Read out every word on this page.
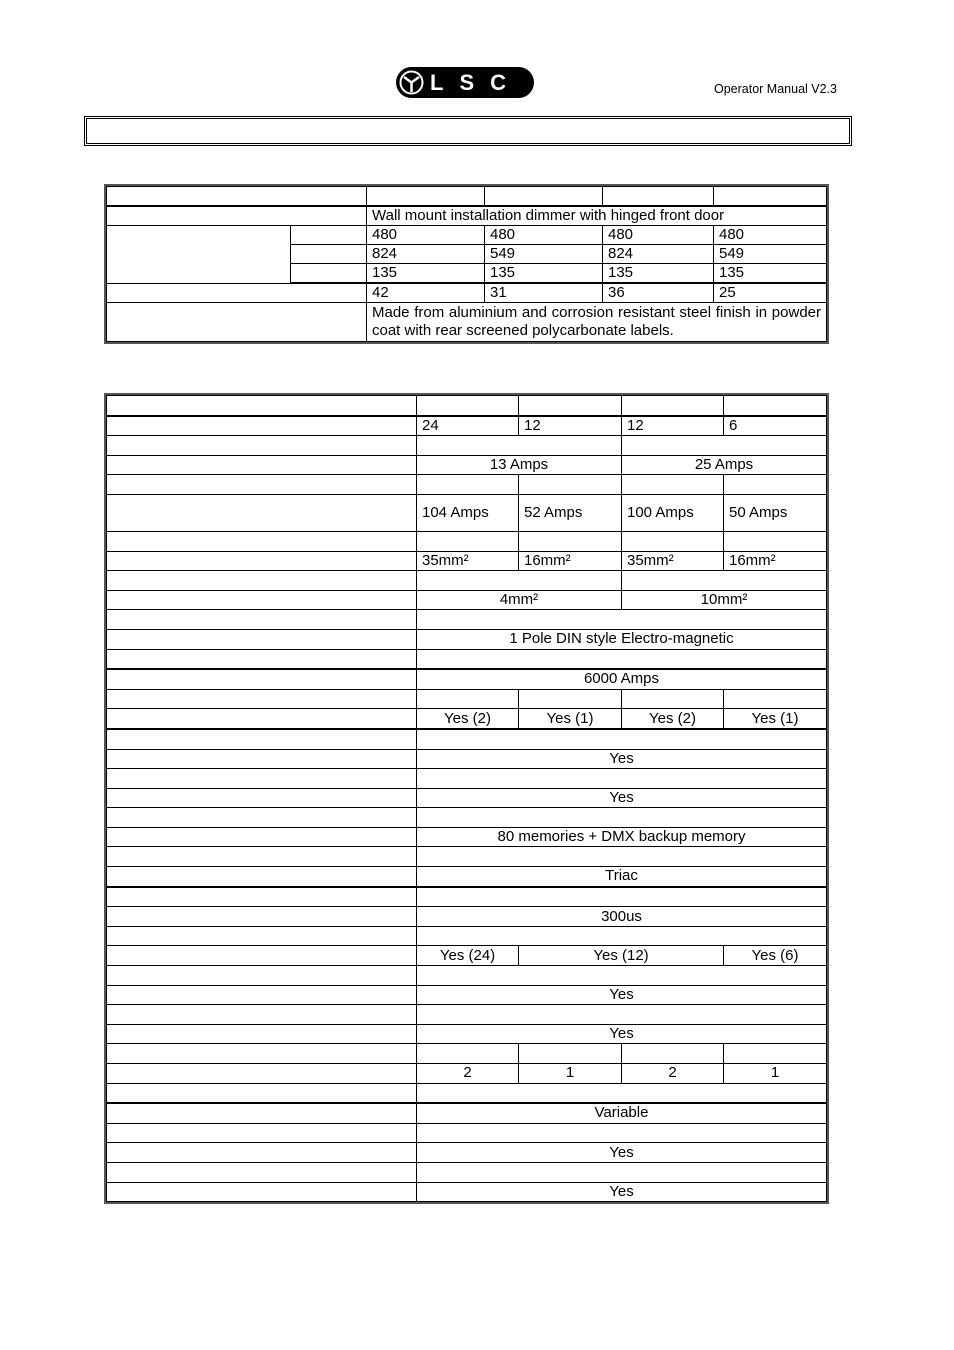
LSC	Operator Manual V2.3

		Wall mount installation dimmer with hinged front door			
		480	480	480	480
		824	549	824	549
		135	135	135	135
		42	31	36	25
		Made from aluminium and corrosion resistant steel finish in powder coat with rear screened polycarbonate labels.			

	24	12	12	6

	13 Amps		25 Amps	

	104 Amps	52 Amps	100 Amps	50 Amps

	35mm²	16mm²	35mm²	16mm²

	4mm²		10mm²	

	1 Pole DIN style Electro-magnetic			

	6000 Amps			

	Yes (2)	Yes (1)	Yes (2)	Yes (1)

	Yes			

	Yes			

	80 memories + DMX backup memory			

	Triac			

	300us			

	Yes (24)	Yes (12)		Yes (6)

	Yes			

	Yes			

	2	1	2	1

	Variable			

	Yes			

	Yes			
